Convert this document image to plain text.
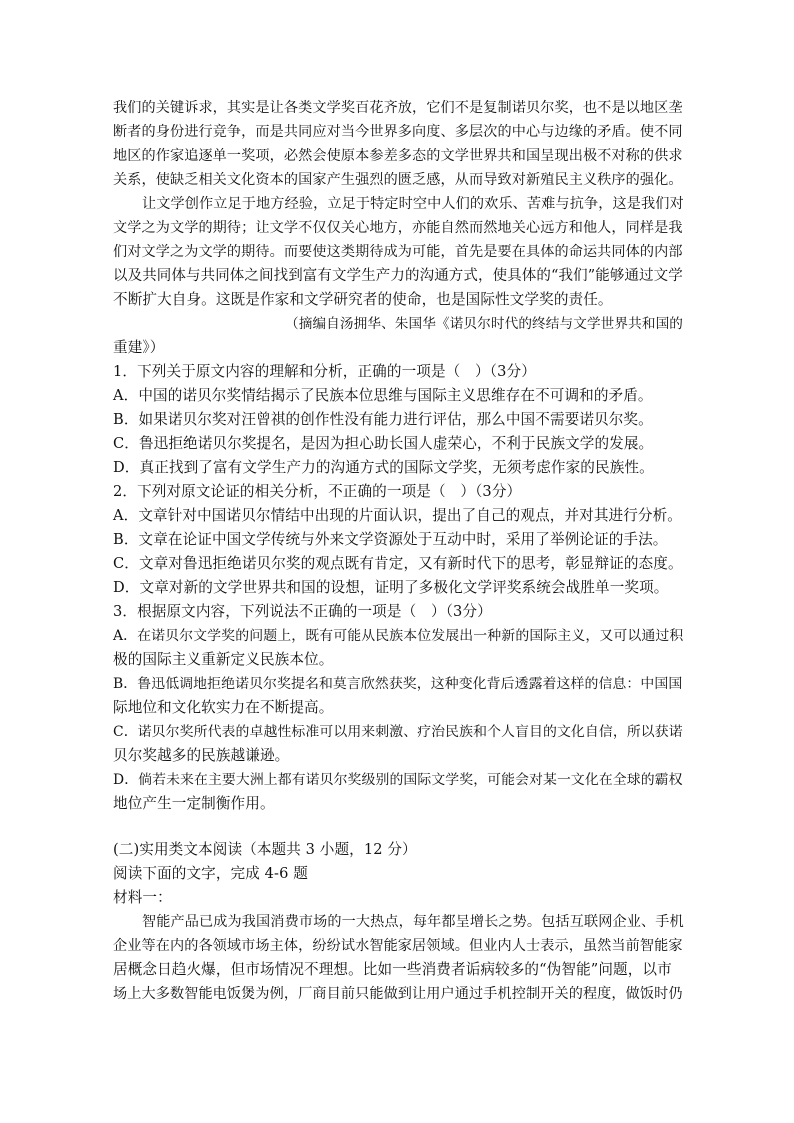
我们的关键诉求，其实是让各类文学奖百花齐放，它们不是复制诺贝尔奖，也不是以地区垄
断者的身份进行竞争，而是共同应对当今世界多向度、多层次的中心与边缘的矛盾。使不同
地区的作家追逐单一奖项，必然会使原本参差多态的文学世界共和国呈现出极不对称的供求
关系，使缺乏相关文化资本的国家产生强烈的匮乏感，从而导致对新殖民主义秩序的强化。
让文学创作立足于地方经验，立足于特定时空中人们的欢乐、苦难与抗争，这是我们对
文学之为文学的期待；让文学不仅仅关心地方，亦能自然而然地关心远方和他人，同样是我
们对文学之为文学的期待。而要使这类期待成为可能，首先是要在具体的命运共同体的内部
以及共同体与共同体之间找到富有文学生产力的沟通方式，使具体的“我们”能够通过文学
不断扩大自身。这既是作家和文学研究者的使命，也是国际性文学奖的责任。
（摘编自汤拥华、朱国华《诺贝尔时代的终结与文学世界共和国的
重建》）
1．下列关于原文内容的理解和分析，正确的一项是（　）（3分）
A．中国的诺贝尔奖情结揭示了民族本位思维与国际主义思维存在不可调和的矛盾。
B．如果诺贝尔奖对汪曾祺的创作性没有能力进行评估，那么中国不需要诺贝尔奖。
C．鲁迅拒绝诺贝尔奖提名，是因为担心助长国人虚荣心，不利于民族文学的发展。
D．真正找到了富有文学生产力的沟通方式的国际文学奖，无须考虑作家的民族性。
2．下列对原文论证的相关分析，不正确的一项是（　）（3分）
A．文章针对中国诺贝尔情结中出现的片面认识，提出了自己的观点，并对其进行分析。
B．文章在论证中国文学传统与外来文学资源处于互动中时，采用了举例论证的手法。
C．文章对鲁迅拒绝诺贝尔奖的观点既有肯定，又有新时代下的思考，彰显辩证的态度。
D．文章对新的文学世界共和国的设想，证明了多极化文学评奖系统会战胜单一奖项。
3．根据原文内容，下列说法不正确的一项是（　）（3分）
A．在诺贝尔文学奖的问题上，既有可能从民族本位发展出一种新的国际主义，又可以通过积
极的国际主义重新定义民族本位。
B．鲁迅低调地拒绝诺贝尔奖提名和莫言欣然获奖，这种变化背后透露着这样的信息：中国国
际地位和文化软实力在不断提高。
C．诺贝尔奖所代表的卓越性标准可以用来刺激、疗治民族和个人盲目的文化自信，所以获诺
贝尔奖越多的民族越谦逊。
D．倘若未来在主要大洲上都有诺贝尔奖级别的国际文学奖，可能会对某一文化在全球的霸权
地位产生一定制衡作用。
(二)实用类文本阅读（本题共 3 小题，12 分）
阅读下面的文字，完成 4-6 题
材料一：
智能产品已成为我国消费市场的一大热点，每年都呈增长之势。包括互联网企业、手机
企业等在内的各领域市场主体，纷纷试水智能家居领域。但业内人士表示，虽然当前智能家
居概念日趋火爆，但市场情况不理想。比如一些消费者诟病较多的“伪智能”问题，以市
场上大多数智能电饭煲为例，厂商目前只能做到让用户通过手机控制开关的程度，做饭时仍
